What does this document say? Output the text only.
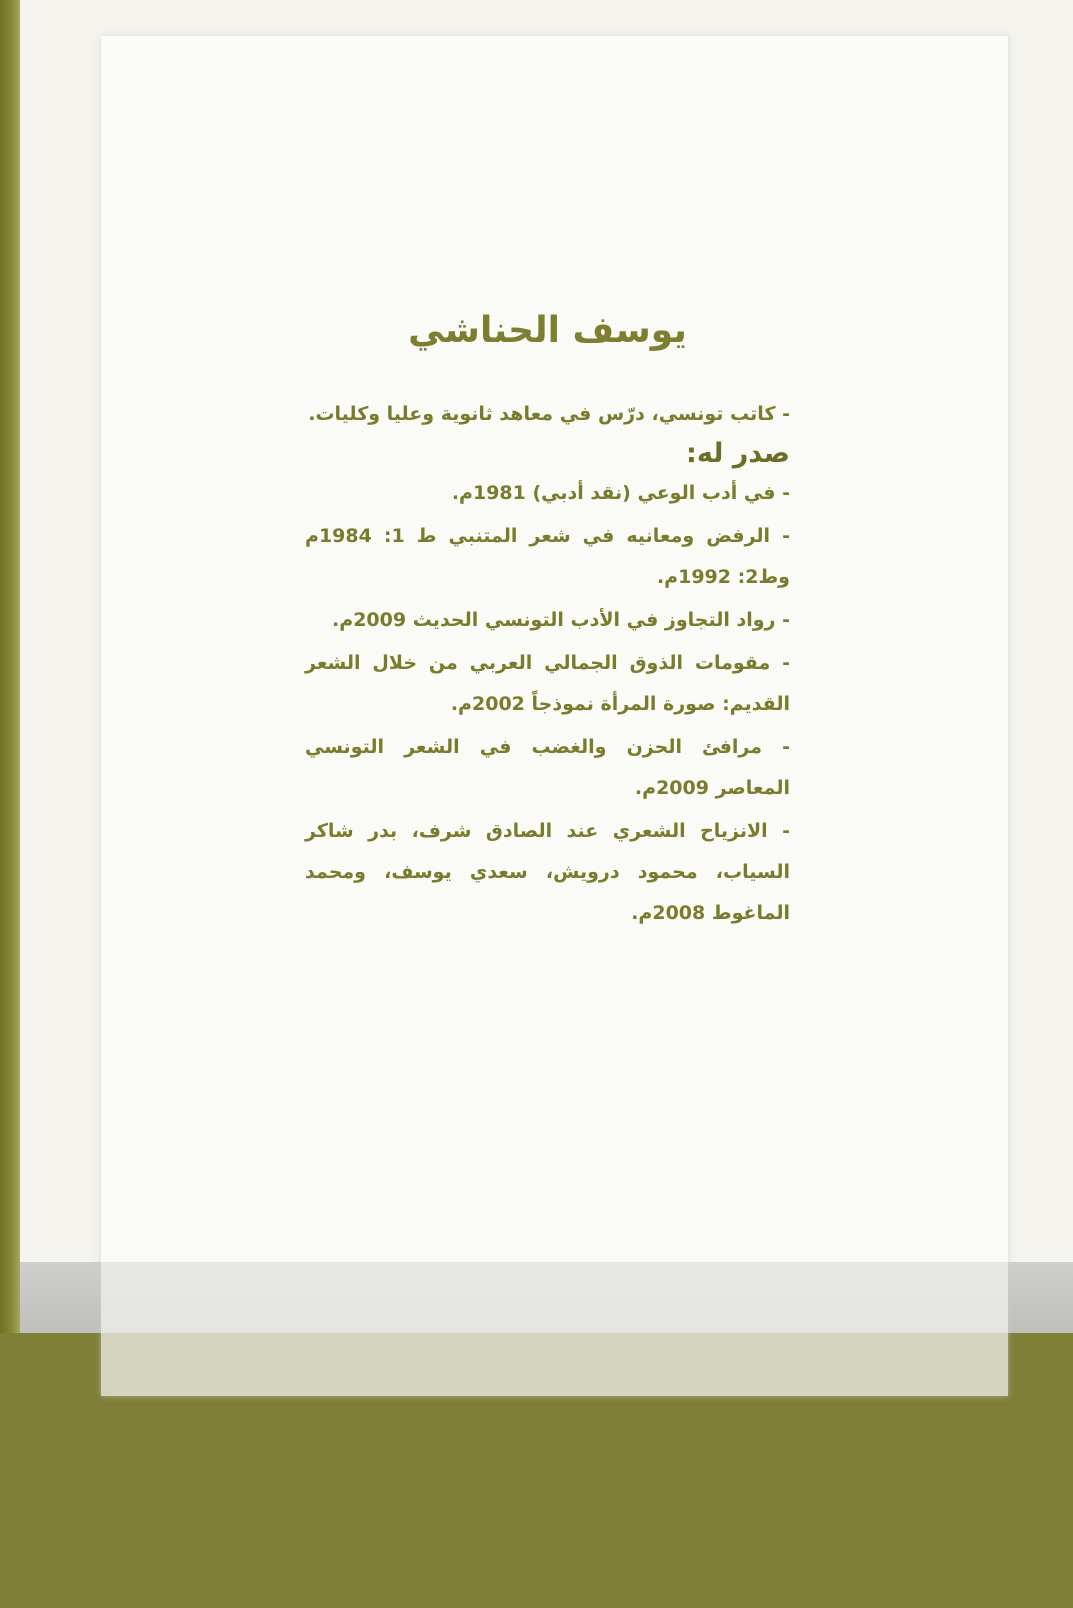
يوسف الحناشي

- كاتب تونسي، درّس في معاهد ثانوية وعليا وكليات.

صدر له:
- في أدب الوعي (نقد أدبي) 1981م.
- الرفض ومعانيه في شعر المتنبي ط 1: 1984م وط2: 1992م.
- رواد التجاوز في الأدب التونسي الحديث 2009م.
- مقومات الذوق الجمالي العربي من خلال الشعر القديم: صورة المرأة نموذجاً 2002م.
- مرافئ الحزن والغضب في الشعر التونسي المعاصر 2009م.
- الانزياح الشعري عند الصادق شرف، بدر شاكر السياب، محمود درويش، سعدي يوسف، ومحمد الماغوط 2008م.
